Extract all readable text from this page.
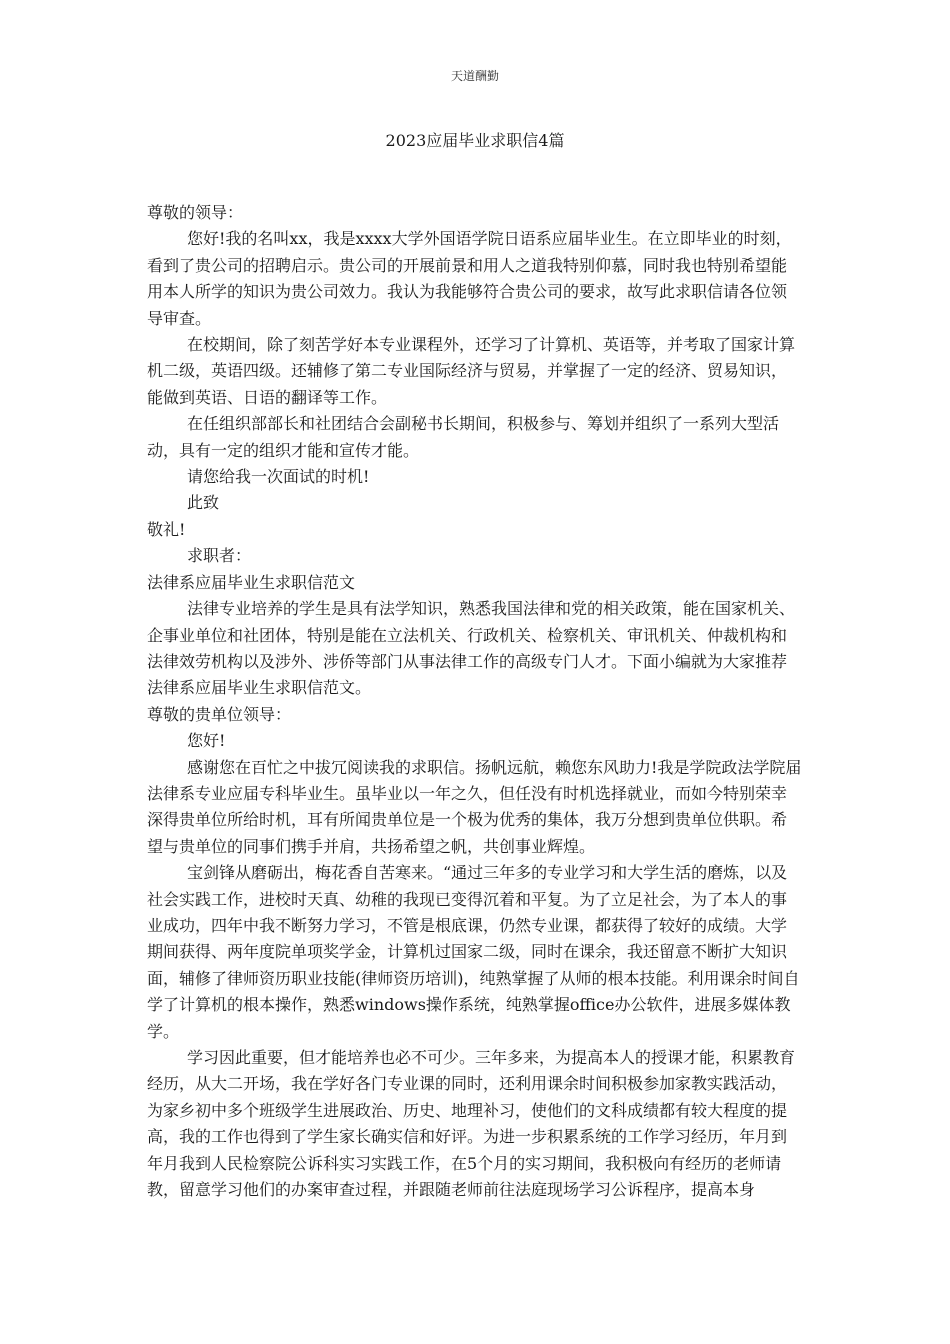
天道酬勤
2023应届毕业求职信4篇

尊敬的领导：

您好!我的名叫xx，我是xxxx大学外国语学院日语系应届毕业生。在立即毕业的时刻，看到了贵公司的招聘启示。贵公司的开展前景和用人之道我特别仰慕，同时我也特别希望能用本人所学的知识为贵公司效力。我认为我能够符合贵公司的要求，故写此求职信请各位领导审查。

在校期间，除了刻苦学好本专业课程外，还学习了计算机、英语等，并考取了国家计算机二级，英语四级。还辅修了第二专业国际经济与贸易，并掌握了一定的经济、贸易知识，能做到英语、日语的翻译等工作。

在任组织部部长和社团结合会副秘书长期间，积极参与、筹划并组织了一系列大型活动，具有一定的组织才能和宣传才能。

请您给我一次面试的时机!

此致

敬礼!

求职者：

法律系应届毕业生求职信范文

法律专业培养的学生是具有法学知识，熟悉我国法律和党的相关政策，能在国家机关、企事业单位和社团体，特别是能在立法机关、行政机关、检察机关、审讯机关、仲裁机构和法律效劳机构以及涉外、涉侨等部门从事法律工作的高级专门人才。下面小编就为大家推荐法律系应届毕业生求职信范文。

尊敬的贵单位领导：

您好!

感谢您在百忙之中拔冗阅读我的求职信。扬帆远航，赖您东风助力!我是学院政法学院届法律系专业应届专科毕业生。虽毕业以一年之久，但任没有时机选择就业，而如今特别荣幸深得贵单位所给时机，耳有所闻贵单位是一个极为优秀的集体，我万分想到贵单位供职。希望与贵单位的同事们携手并肩，共扬希望之帆，共创事业辉煌。

宝剑锋从磨砺出，梅花香自苦寒来。“通过三年多的专业学习和大学生活的磨炼，以及社会实践工作，进校时天真、幼稚的我现已变得沉着和平复。为了立足社会，为了本人的事业成功，四年中我不断努力学习，不管是根底课，仍然专业课，都获得了较好的成绩。大学期间获得、两年度院单项奖学金，计算机过国家二级，同时在课余，我还留意不断扩大知识面，辅修了律师资历职业技能(律师资历培训)，纯熟掌握了从师的根本技能。利用课余时间自学了计算机的根本操作，熟悉windows操作系统，纯熟掌握office办公软件，进展多媒体教学。

学习因此重要，但才能培养也必不可少。三年多来，为提高本人的授课才能，积累教育经历，从大二开场，我在学好各门专业课的同时，还利用课余时间积极参加家教实践活动，为家乡初中多个班级学生进展政治、历史、地理补习，使他们的文科成绩都有较大程度的提高，我的工作也得到了学生家长确实信和好评。为进一步积累系统的工作学习经历，年月到年月我到人民检察院公诉科实习实践工作，在5个月的实习期间，我积极向有经历的老师请教，留意学习他们的办案审查过程，并跟随老师前往法庭现场学习公诉程序，提高本身
